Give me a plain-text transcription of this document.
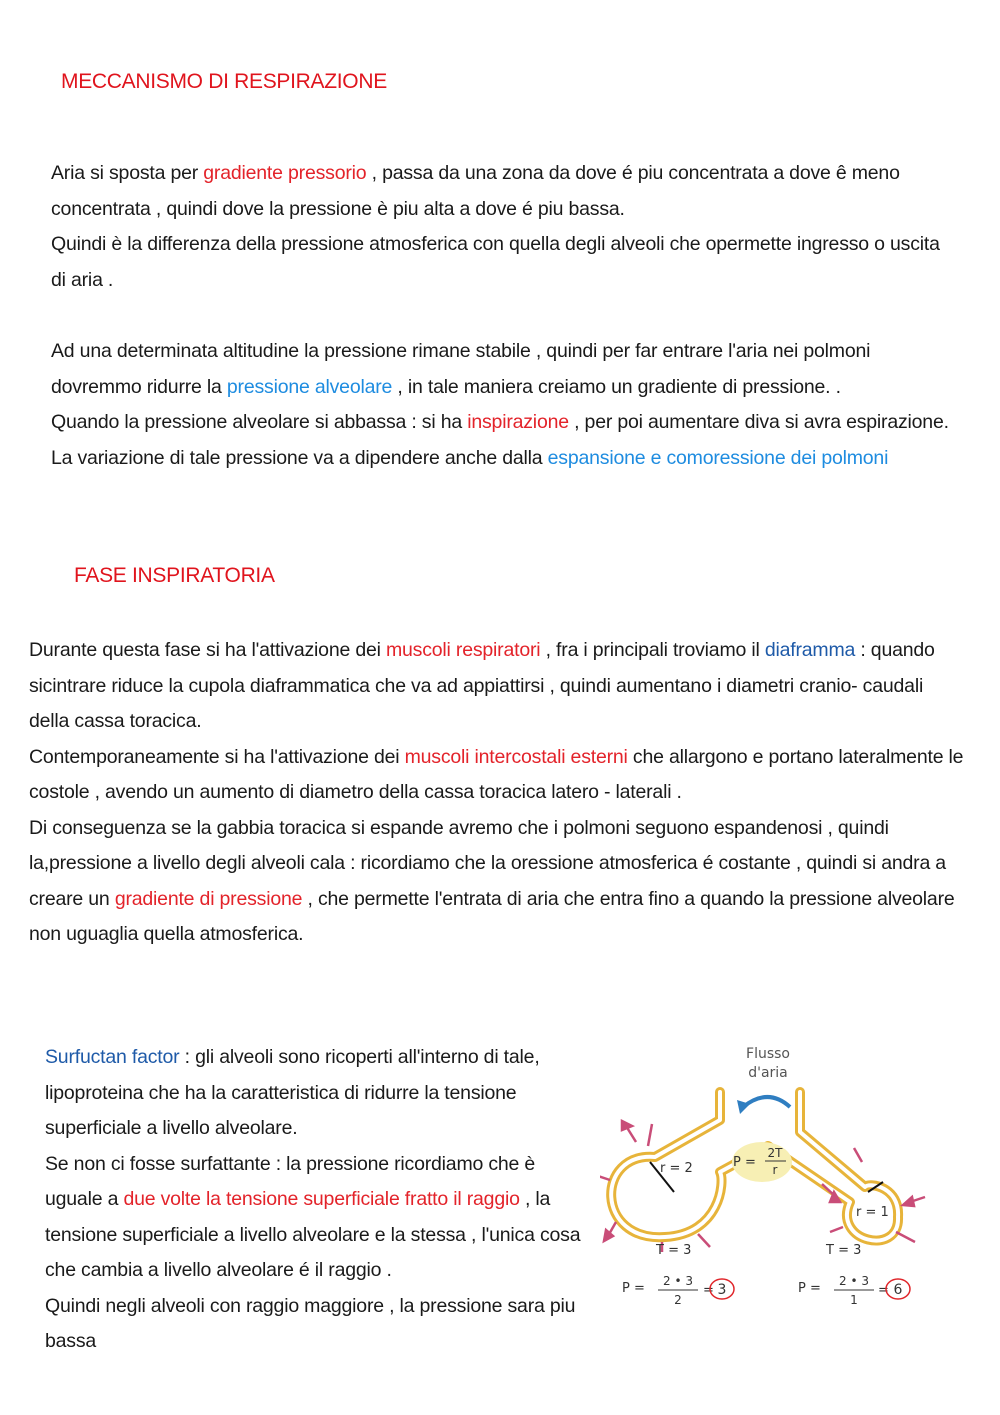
MECCANISMO DI RESPIRAZIONE

Aria si sposta per gradiente pressorio , passa da una zona da dove é piu concentrata a dove ê meno concentrata , quindi dove la pressione è piu alta a dove é piu bassa.
Quindi è la differenza della pressione atmosferica con quella degli alveoli che opermette ingresso o uscita di aria .

Ad una determinata altitudine la pressione rimane stabile , quindi per far entrare l'aria nei polmoni dovremmo ridurre la pressione alveolare , in tale maniera creiamo un gradiente di pressione. .
Quando la pressione alveolare si abbassa : si ha inspirazione , per poi aumentare diva si avra espirazione.
La variazione di tale pressione va a dipendere anche dalla espansione e comoressione dei polmoni

FASE INSPIRATORIA

Durante questa fase si ha l'attivazione dei muscoli respiratori , fra i principali troviamo il diaframma : quando sicintrare riduce la cupola diaframmatica che va ad appiattirsi , quindi aumentano i diametri cranio- caudali della cassa toracica.
Contemporaneamente si ha l'attivazione dei muscoli intercostali esterni che allargono e portano lateralmente le costole , avendo un aumento di diametro della cassa toracica latero - laterali .
Di conseguenza se la gabbia toracica si espande avremo che i polmoni seguono espandenosi , quindi la,pressione a livello degli alveoli cala : ricordiamo che la oressione atmosferica é costante , quindi si andra a creare un gradiente di pressione , che permette l'entrata di aria che entra fino a quando la pressione alveolare non uguaglia quella atmosferica.

Surfuctan factor : gli alveoli sono ricoperti all'interno di tale, lipoproteina che ha la caratteristica di ridurre la tensione superficiale a livello alveolare.
Se non ci fosse surfattante : la pressione ricordiamo che è uguale a due volte la tensione superficiale fratto il raggio , la tensione superficiale a livello alveolare e la stessa , l'unica cosa che cambia a livello alveolare é il raggio .
Quindi negli alveoli con raggio maggiore , la pressione sara piu bassa

Flusso
d'aria
P =
2T
r
r = 2
r = 1
T = 3	T = 3
P = 2 • 3
2
= 3	P = 2 • 3
1
= 6
